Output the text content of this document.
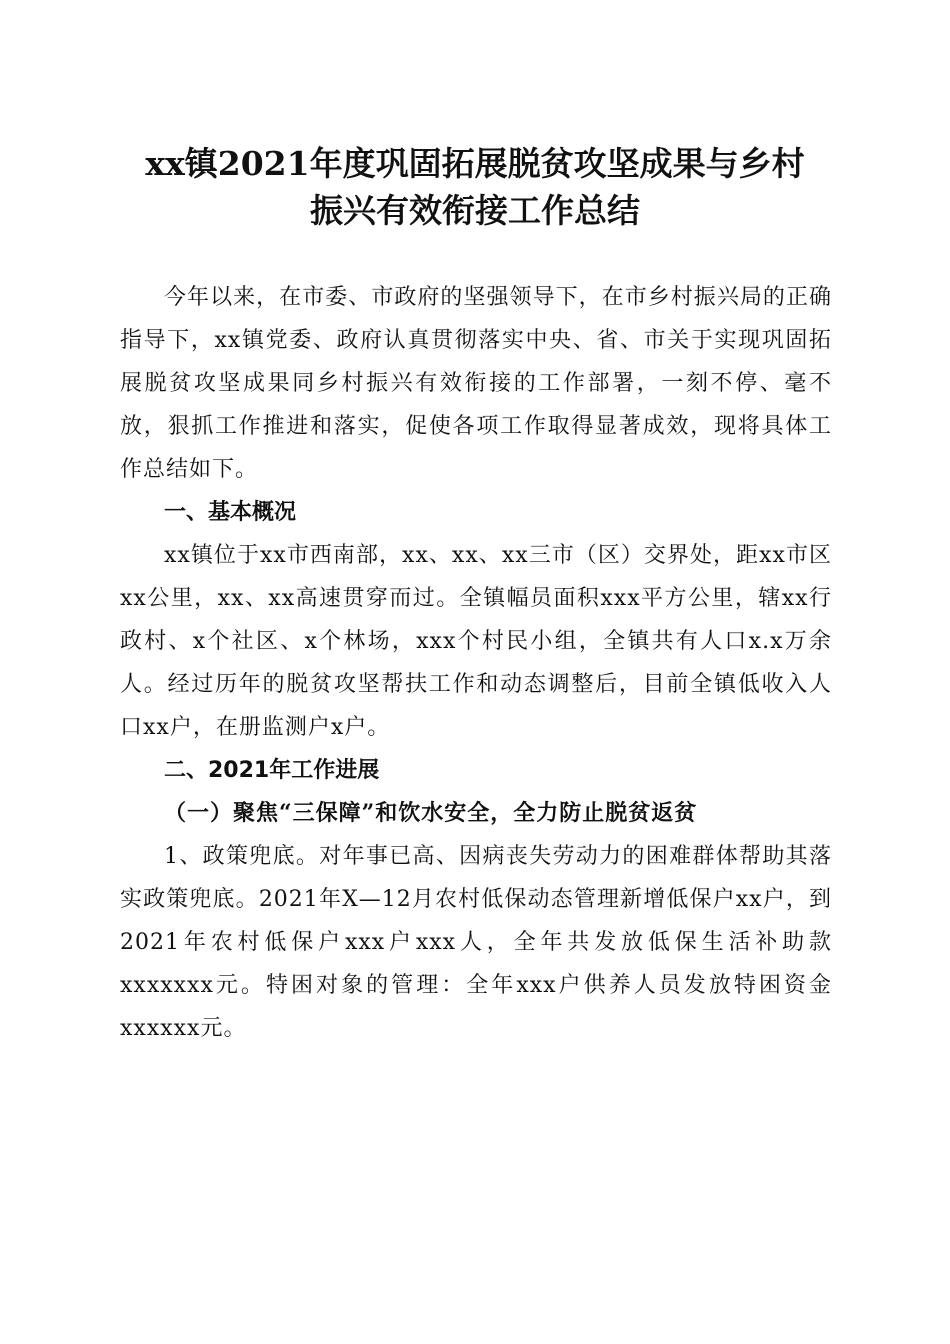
xx镇2021年度巩固拓展脱贫攻坚成果与乡村
振兴有效衔接工作总结

今年以来，在市委、市政府的坚强领导下，在市乡村振兴局的正确指导下，xx镇党委、政府认真贯彻落实中央、省、市关于实现巩固拓展脱贫攻坚成果同乡村振兴有效衔接的工作部署，一刻不停、毫不放，狠抓工作推进和落实，促使各项工作取得显著成效，现将具体工作总结如下。

一、基本概况

xx镇位于xx市西南部，xx、xx、xx三市（区）交界处，距xx市区xx公里，xx、xx高速贯穿而过。全镇幅员面积xxx平方公里，辖xx行政村、x个社区、x个林场，xxx个村民小组，全镇共有人口x.x万余人。经过历年的脱贫攻坚帮扶工作和动态调整后，目前全镇低收入人口xx户，在册监测户x户。

二、2021年工作进展

（一）聚焦“三保障”和饮水安全，全力防止脱贫返贫

1、政策兜底。对年事已高、因病丧失劳动力的困难群体帮助其落实政策兜底。2021年X—12月农村低保动态管理新增低保户xx户，到2021年农村低保户xxx户xxx人，全年共发放低保生活补助款xxxxxxx元。特困对象的管理：全年xxx户供养人员发放特困资金xxxxxx元。
